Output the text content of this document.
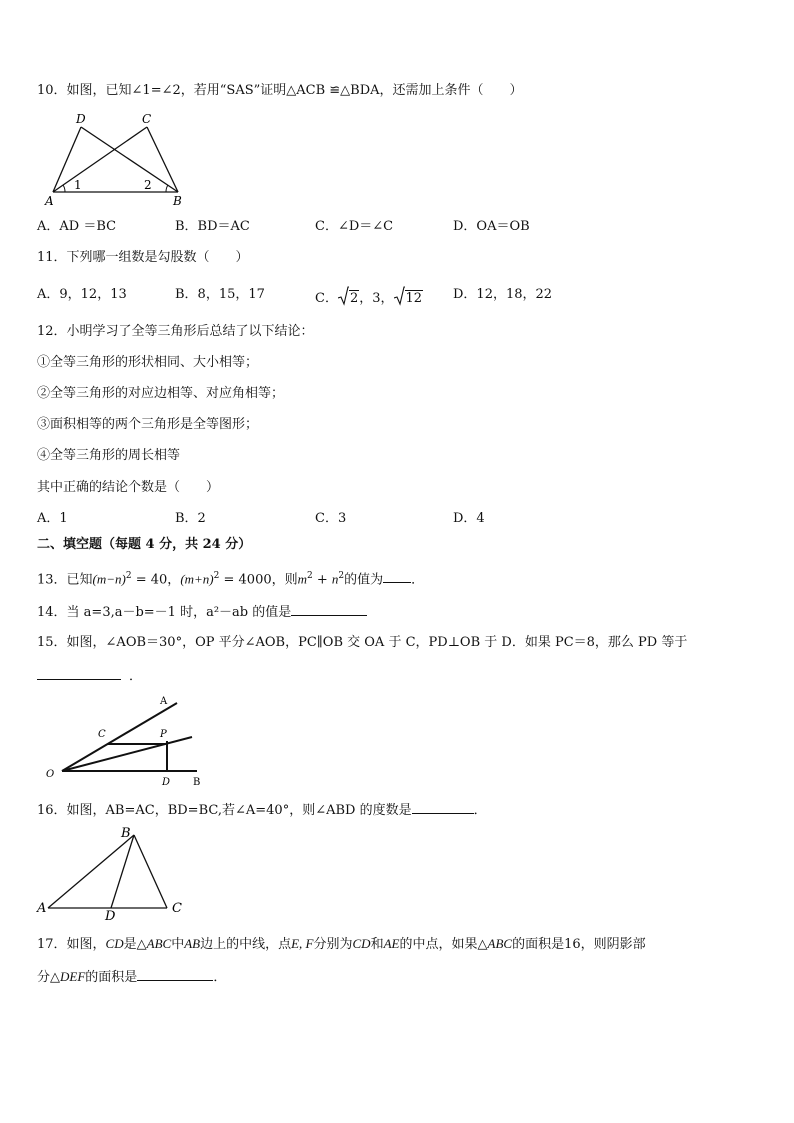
10．如图，已知∠1=∠2，若用“SAS”证明△ACB ≌△BDA，还需加上条件（　　）
D	C
A	B
1	2
A．AD ＝BC	B．BD＝AC	C．∠D＝∠C	D．OA＝OB
11．下列哪一组数是勾股数（　　）
A．9，12，13	B．8，15，17	C． 2，3， 12 D．12，18，22
12．小明学习了全等三角形后总结了以下结论：
①全等三角形的形状相同、大小相等；
②全等三角形的对应边相等、对应角相等；
③面积相等的两个三角形是全等图形；
④全等三角形的周长相等
其中正确的结论个数是（　　）
A．1	B．2	C．3	D．4
二、填空题（每题 4 分，共 24 分）
13．已知$(m-n)^2 = 40$，$(m+n)^2 = 4000$，则$m^2 + n^2$的值为 ．
14．当 a=3,a－b=－1 时，a²－ab 的值是
15．如图，∠AOB＝30°，OP 平分∠AOB，PC∥OB 交 OA 于 C，PD⊥OB 于 D．如果 PC＝8，那么 PD 等于
．
A
C	P
O
D B
16．如图，AB=AC，BD=BC,若∠A=40°，则∠ABD 的度数是	．
B
A
D
C
17．如图，CD是△ABC中AB边上的中线，点E, F分别为CD和AE的中点，如果△ABC的面积是16，则阴影部
分△DEF的面积是	．
